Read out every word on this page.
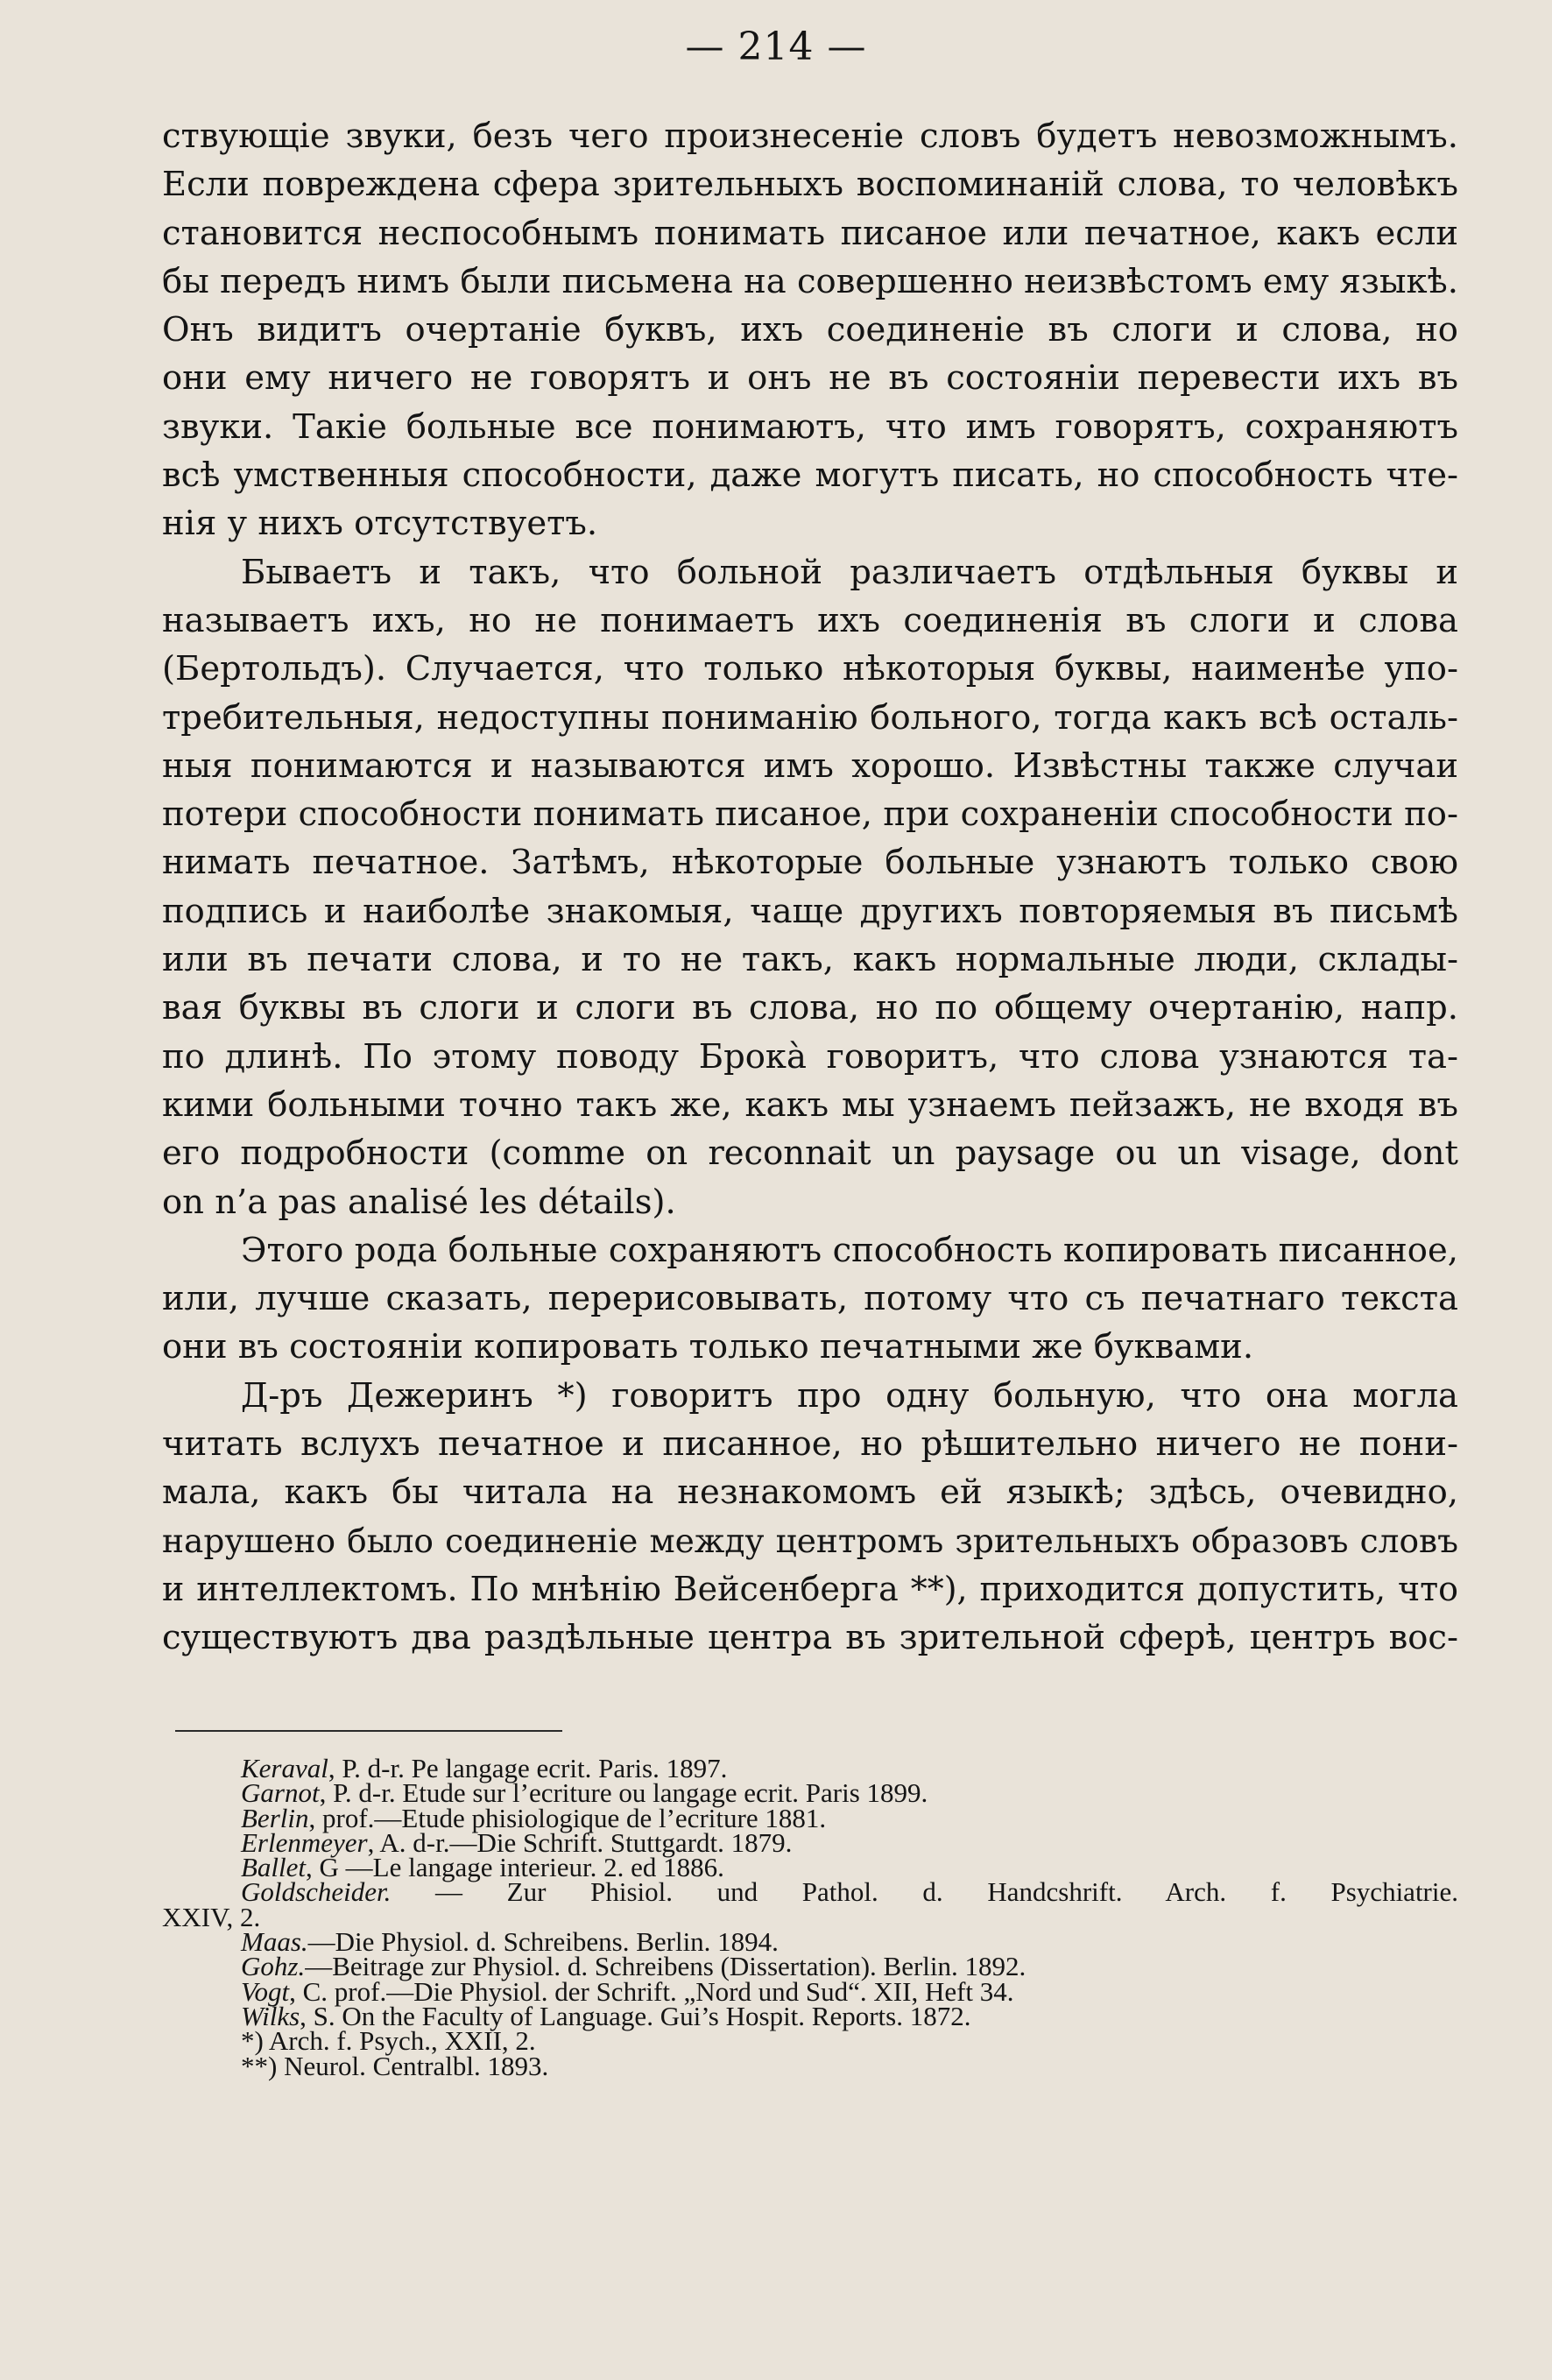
— 214 —
ствующіе звуки, безъ чего произнесеніе словъ будетъ невозможнымъ.
Если повреждена сфера зрительныхъ воспоминаній слова, то человѣкъ
становится неспособнымъ понимать писаное или печатное, какъ если
бы передъ нимъ были письмена на совершенно неизвѣстомъ ему языкѣ.
Онъ видитъ очертаніе буквъ, ихъ соединеніе въ слоги и слова, но
они ему ничего не говорятъ и онъ не въ состояніи перевести ихъ въ
звуки. Такіе больные все понимаютъ, что имъ говорятъ, сохраняютъ
всѣ умственныя способности, даже могутъ писать, но способность чте-
нія у нихъ отсутствуетъ.
Бываетъ и такъ, что больной различаетъ отдѣльныя буквы и
называетъ ихъ, но не понимаетъ ихъ соединенія въ слоги и слова
(Бертольдъ). Случается, что только нѣкоторыя буквы, наименѣе упо-
требительныя, недоступны пониманію больного, тогда какъ всѣ осталь-
ныя понимаются и называются имъ хорошо. Извѣстны также случаи
потери способности понимать писаное, при сохраненіи способности по-
нимать печатное. Затѣмъ, нѣкоторые больные узнаютъ только свою
подпись и наиболѣе знакомыя, чаще другихъ повторяемыя въ письмѣ
или въ печати слова, и то не такъ, какъ нормальные люди, склады-
вая буквы въ слоги и слоги въ слова, но по общему очертанію, напр.
по длинѣ. По этому поводу Брокà говоритъ, что слова узнаются та-
кими больными точно такъ же, какъ мы узнаемъ пейзажъ, не входя въ
его подробности (comme on reconnait un paysage ou un visage, dont
on n’a pas analisé les détails).
Этого рода больные сохраняютъ способность копировать писанное,
или, лучше сказать, перерисовывать, потому что съ печатнаго текста
они въ состояніи копировать только печатными же буквами.
Д-ръ Дежеринъ *) говоритъ про одну больную, что она могла
читать вслухъ печатное и писанное, но рѣшительно ничего не пони-
мала, какъ бы читала на незнакомомъ ей языкѣ; здѣсь, очевидно,
нарушено было соединеніе между центромъ зрительныхъ образовъ словъ
и интеллектомъ. По мнѣнію Вейсенберга **), приходится допустить, что
существуютъ два раздѣльные центра въ зрительной сферѣ, центръ вос-
Keraval, P. d-r. Pe langage ecrit. Paris. 1897.
Garnot, P. d-r. Etude sur l’ecriture ou langage ecrit. Paris 1899.
Berlin, prof.—Etude phisiologique de l’ecriture 1881.
Erlenmeyer, A. d-r.—Die Schrift. Stuttgardt. 1879.
Ballet, G —Le langage interieur. 2. ed 1886.
Goldscheider. — Zur Phisiol. und Pathol. d. Handcshrift. Arch. f. Psychiatrie.
XXIV, 2.
Maas.—Die Physiol. d. Schreibens. Berlin. 1894.
Gohz.—Beitrage zur Physiol. d. Schreibens (Dissertation). Berlin. 1892.
Vogt, C. prof.—Die Physiol. der Schrift. „Nord und Sud“. XII, Heft 34.
Wilks, S. On the Faculty of Language. Gui’s Hospit. Reports. 1872.
*) Arch. f. Psych., XXII, 2.
**) Neurol. Centralbl. 1893.
